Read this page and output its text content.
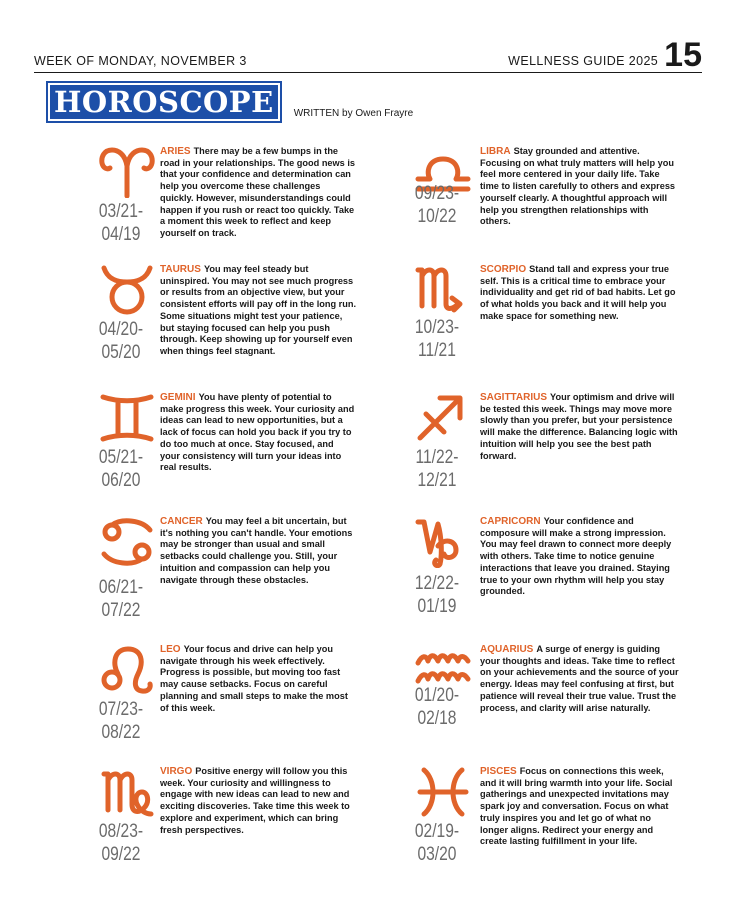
WEEK OF MONDAY, NOVEMBER 3	WELLNESS GUIDE 2025 15
HOROSCOPE	WRITTEN by Owen Frayre
03/21-
04/19
ARIES There may be a few bumps in the road in your relationships. The good news is that your confidence and determination can help you overcome these challenges quickly. However, misunderstandings could happen if you rush or react too quickly. Take a moment this week to reflect and keep yourself on track.
04/20-
05/20
TAURUS You may feel steady but uninspired. You may not see much progress or results from an objective view, but your consistent efforts will pay off in the long run. Some situations might test your patience, but staying focused can help you push through. Keep showing up for yourself even when things feel stagnant.
05/21-
06/20
GEMINI You have plenty of potential to make progress this week. Your curiosity and ideas can lead to new opportunities, but a lack of focus can hold you back if you try to do too much at once. Stay focused, and your consistency will turn your ideas into real results.
06/21-
07/22
CANCER You may feel a bit uncertain, but it's nothing you can't handle. Your emotions may be stronger than usual and small setbacks could challenge you. Still, your intuition and compassion can help you navigate through these obstacles.
07/23-
08/22
LEO Your focus and drive can help you navigate through his week effectively. Progress is possible, but moving too fast may cause setbacks. Focus on careful planning and small steps to make the most of this week.
08/23-
09/22
VIRGO Positive energy will follow you this week. Your curiosity and willingness to engage with new ideas can lead to new and exciting discoveries. Take time this week to explore and experiment, which can bring fresh perspectives.
09/23-
10/22
LIBRA Stay grounded and attentive. Focusing on what truly matters will help you feel more centered in your daily life. Take time to listen carefully to others and express yourself clearly. A thoughtful approach will help you strengthen relationships with others.
10/23-
11/21
SCORPIO Stand tall and express your true self. This is a critical time to embrace your individuality and get rid of bad habits. Let go of what holds you back and it will help you make space for something new.
11/22-
12/21
SAGITTARIUS Your optimism and drive will be tested this week. Things may move more slowly than you prefer, but your persistence will make the difference. Balancing logic with intuition will help you see the best path forward.
12/22-
01/19
CAPRICORN Your confidence and composure will make a strong impression. You may feel drawn to connect more deeply with others. Take time to notice genuine interactions that leave you drained. Staying true to your own rhythm will help you stay grounded.
01/20-
02/18
AQUARIUS A surge of energy is guiding your thoughts and ideas. Take time to reflect on your achievements and the source of your energy. Ideas may feel confusing at first, but patience will reveal their true value. Trust the process, and clarity will arise naturally.
02/19-
03/20
PISCES Focus on connections this week, and it will bring warmth into your life. Social gatherings and unexpected invitations may spark joy and conversation. Focus on what truly inspires you and let go of what no longer aligns. Redirect your energy and create lasting fulfillment in your life.
